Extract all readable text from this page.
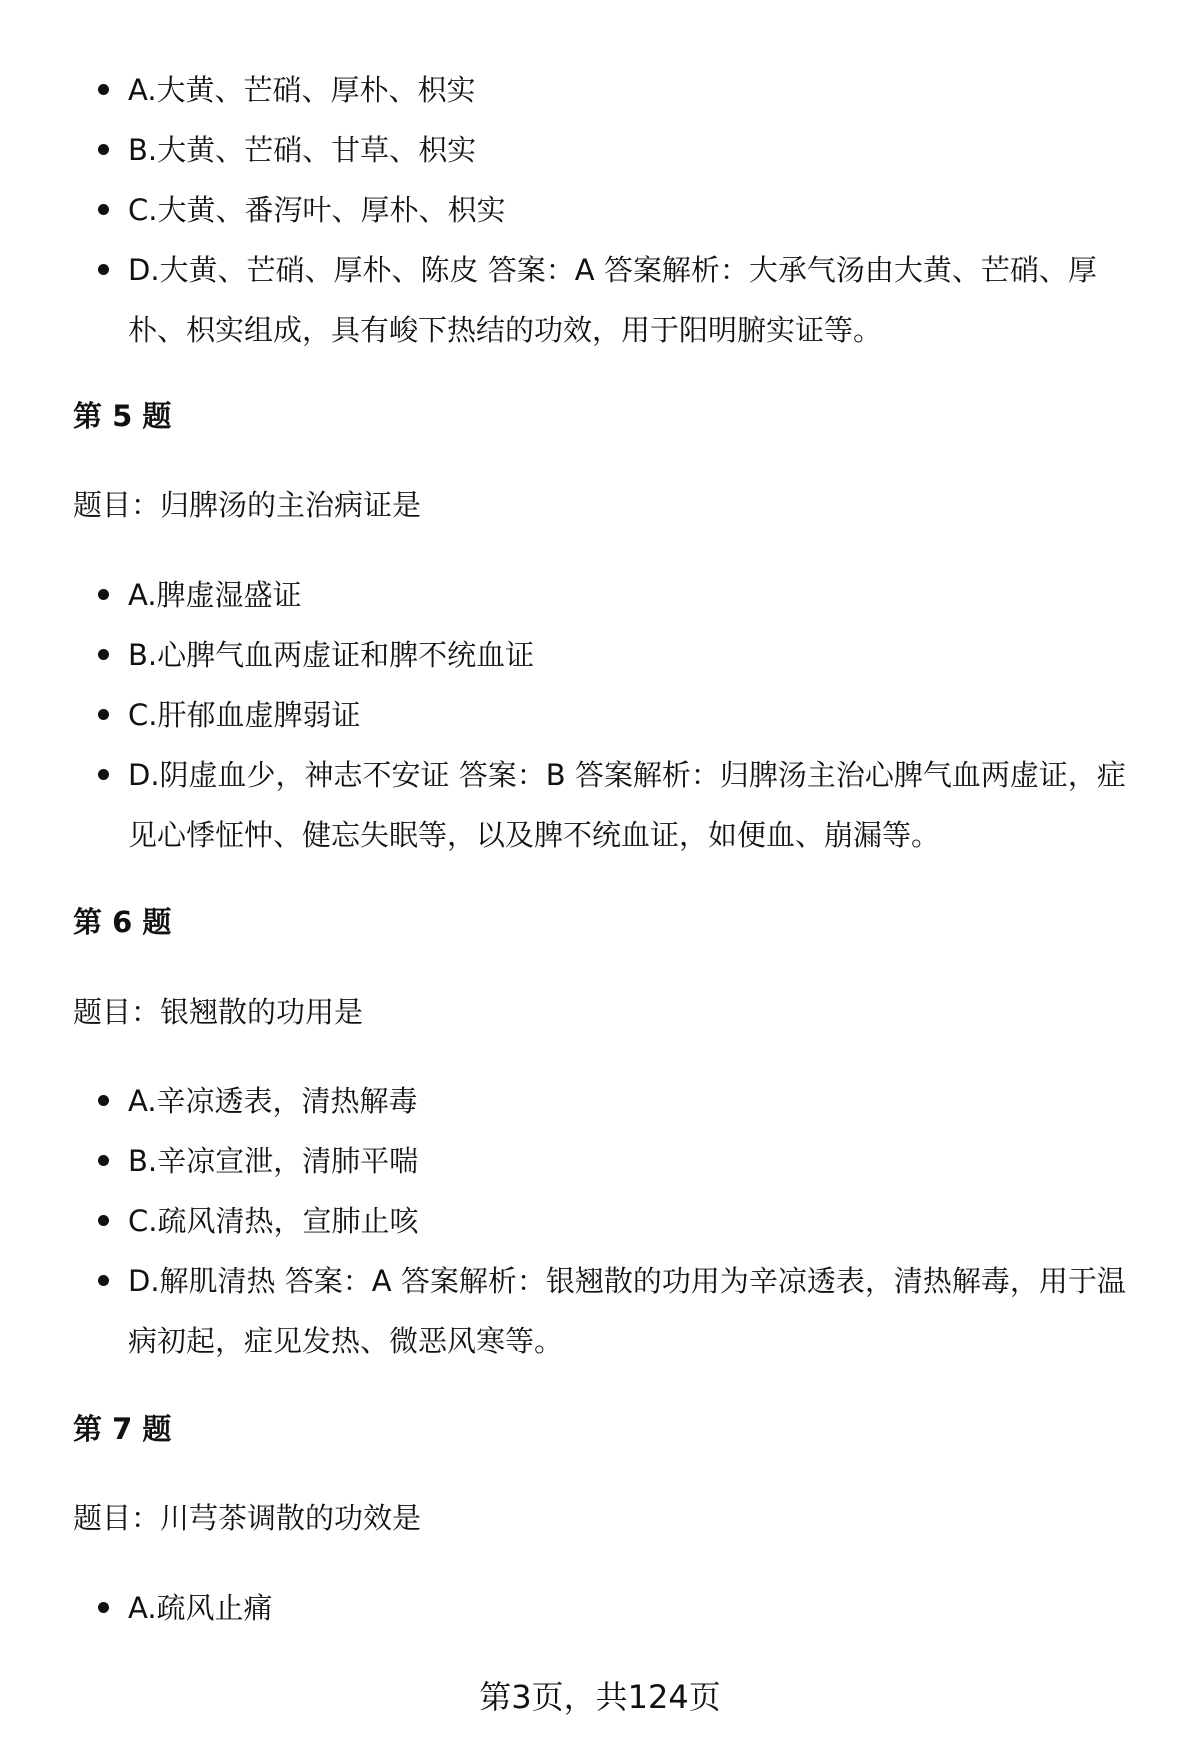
A.大黄、芒硝、厚朴、枳实
B.大黄、芒硝、甘草、枳实
C.大黄、番泻叶、厚朴、枳实
D.大黄、芒硝、厚朴、陈皮 答案：A 答案解析：大承气汤由大黄、芒硝、厚朴、枳实组成，具有峻下热结的功效，用于阳明腑实证等。
第 5 题

题目：归脾汤的主治病证是

A.脾虚湿盛证
B.心脾气血两虚证和脾不统血证
C.肝郁血虚脾弱证
D.阴虚血少，神志不安证 答案：B 答案解析：归脾汤主治心脾气血两虚证，症见心悸怔忡、健忘失眠等，以及脾不统血证，如便血、崩漏等。
第 6 题

题目：银翘散的功用是

A.辛凉透表，清热解毒
B.辛凉宣泄，清肺平喘
C.疏风清热，宣肺止咳
D.解肌清热 答案：A 答案解析：银翘散的功用为辛凉透表，清热解毒，用于温病初起，症见发热、微恶风寒等。
第 7 题

题目：川芎茶调散的功效是

A.疏风止痛
第3页，共124页
